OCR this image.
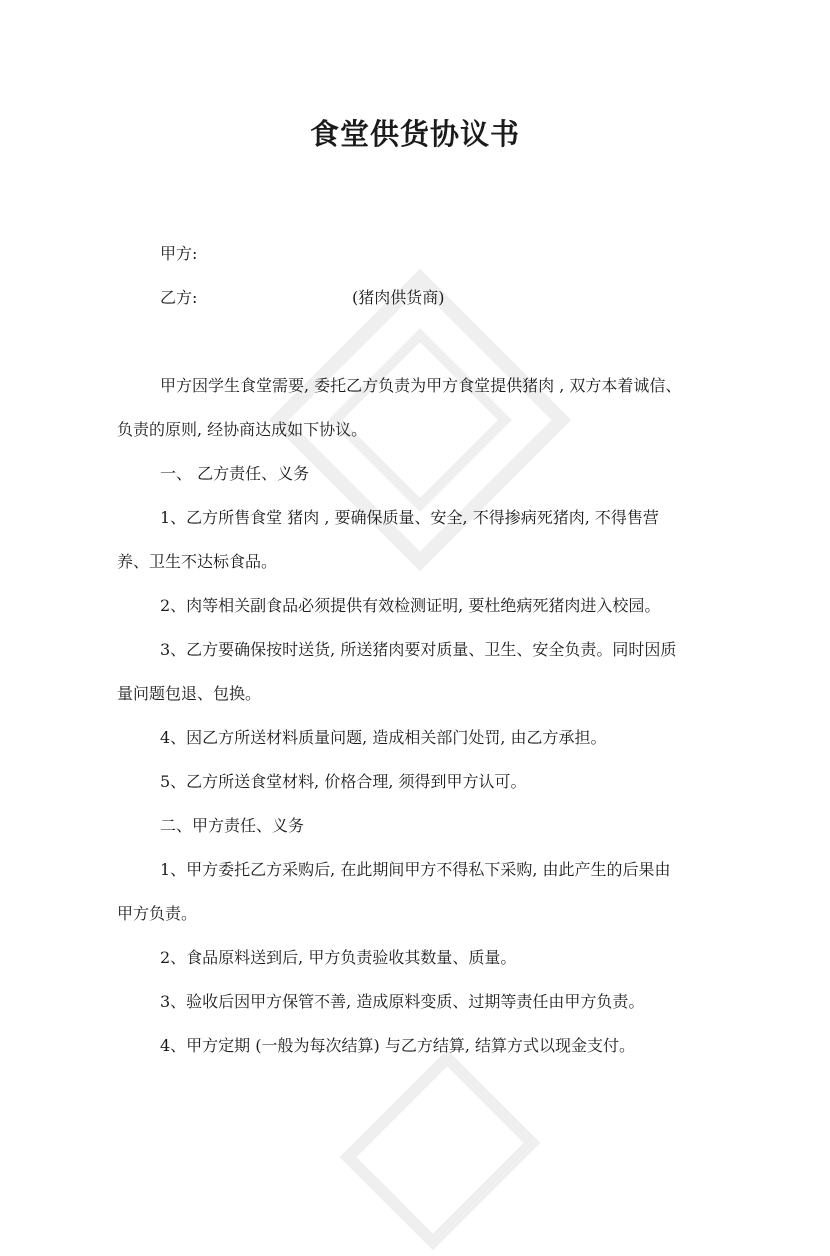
食堂供货协议书
甲方:
乙方:	(猪肉供货商)
甲方因学生食堂需要, 委托乙方负责为甲方食堂提供猪肉 , 双方本着诚信、
负责的原则, 经协商达成如下协议。
一、 乙方责任、义务
1、乙方所售食堂 猪肉 , 要确保质量、安全, 不得掺病死猪肉, 不得售营
养、卫生不达标食品。
2、肉等相关副食品必须提供有效检测证明, 要杜绝病死猪肉进入校园。
3、乙方要确保按时送货, 所送猪肉要对质量、卫生、安全负责。同时因质
量问题包退、包换。
4、因乙方所送材料质量问题, 造成相关部门处罚, 由乙方承担。
5、乙方所送食堂材料, 价格合理, 须得到甲方认可。
二、甲方责任、义务
1、甲方委托乙方采购后, 在此期间甲方不得私下采购, 由此产生的后果由
甲方负责。
2、食品原料送到后, 甲方负责验收其数量、质量。
3、验收后因甲方保管不善, 造成原料变质、过期等责任由甲方负责。
4、甲方定期 (一般为每次结算) 与乙方结算, 结算方式以现金支付。
